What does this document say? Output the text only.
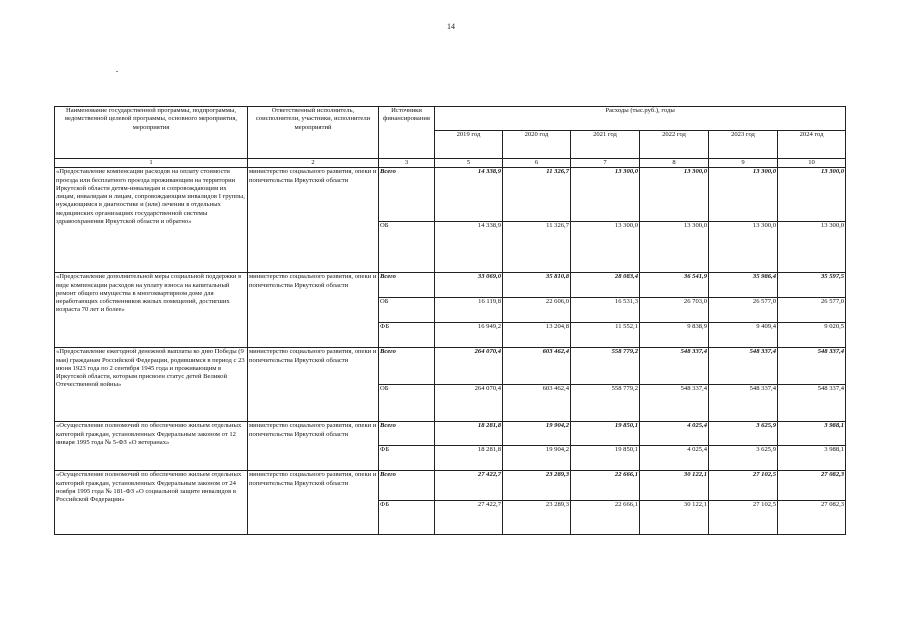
14
Наименование государственной программы, подпрограммы, ведомственной целевой программы, основного мероприятия, мероприятия	Ответственный исполнитель, соисполнители, участники, исполнители мероприятий	Источники финансирования	Расходы (тыс.руб.), годы					
			2019 год	2020 год	2021 год	2022 год	2023 год	2024 год
1	2	3	5	6	7	8	9	10
«Предоставление компенсации расходов на оплату стоимости проезда или бесплатного проезда проживающим на территории Иркутской области детям-инвалидам и сопровождающим их лицам, инвалидам и лицам, сопровождающим инвалидов I группы, нуждающимся в диагностике и (или) лечении в отдельных медицинских организациях государственной системы здравоохранения Иркутской области и обратно»	министерство социального развития, опеки и попечительства Иркутской области	Всего	14 338,9	11 326,7	13 300,0	13 300,0	13 300,0	13 300,0
		ОБ	14 338,9	11 326,7	13 300,0	13 300,0	13 300,0	13 300,0
«Предоставление дополнительной меры социальной поддержки в виде компенсации расходов на уплату взноса на капитальный ремонт общего имущества в многоквартирном доме для неработающих собственников жилых помещений, достигших возраста 70 лет и более»	министерство социального развития, опеки и попечительства Иркутской области	Всего	33 069,0	35 810,8	28 083,4	36 541,9	35 986,4	35 597,5
		ОБ	16 119,8	22 606,0	16 531,3	26 703,0	26 577,0	26 577,0
		ФБ	16 949,2	13 204,8	11 552,1	9 838,9	9 409,4	9 020,5
«Предоставление ежегодной денежной выплаты ко дню Победы (9 мая) гражданам Российской Федерации, родившимся в период с 23 июня 1923 года по 2 сентября 1945 года и проживающим в Иркутской области, которым присвоен статус детей Великой Отечественной войны»	министерство социального развития, опеки и попечительства Иркутской области	Всего	264 070,4	603 462,4	558 779,2	548 337,4	548 337,4	548 337,4
		ОБ	264 070,4	603 462,4	558 779,2	548 337,4	548 337,4	548 337,4
«Осуществление полномочий по обеспечению жильем отдельных категорий граждан, установленных Федеральным законом от 12 января 1995 года № 5-ФЗ «О ветеранах»	министерство социального развития, опеки и попечительства Иркутской области	Всего	18 281,8	19 904,2	19 850,1	4 025,4	3 625,9	3 988,1
		ФБ	18 281,8	19 904,2	19 850,1	4 025,4	3 625,9	3 988,1
«Осуществление полномочий по обеспечению жильем отдельных категорий граждан, установленных Федеральным законом от 24 ноября 1995 года № 181-ФЗ «О социальной защите инвалидов в Российской Федерации»	министерство социального развития, опеки и попечительства Иркутской области	Всего	27 422,7	23 289,3	22 666,1	30 122,1	27 102,5	27 082,3
		ФБ	27 422,7	23 289,3	22 666,1	30 122,1	27 102,5	27 082,3
